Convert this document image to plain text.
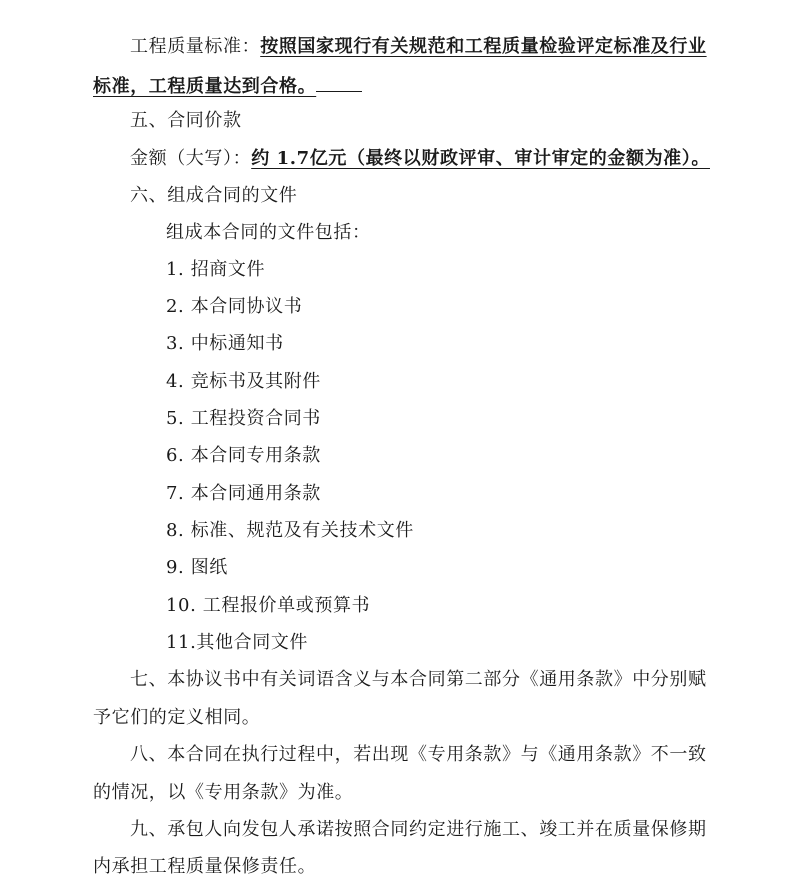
工程质量标准：按照国家现行有关规范和工程质量检验评定标准及行业
标准，工程质量达到合格。
五、合同价款
金额（大写）：约 1.7亿元（最终以财政评审、审计审定的金额为准）。
六、组成合同的文件
组成本合同的文件包括：
1. 招商文件
2. 本合同协议书
3. 中标通知书
4. 竞标书及其附件
5. 工程投资合同书
6. 本合同专用条款
7. 本合同通用条款
8. 标准、规范及有关技术文件
9. 图纸
10. 工程报价单或预算书
11.其他合同文件
七、本协议书中有关词语含义与本合同第二部分《通用条款》中分别赋
予它们的定义相同。
八、本合同在执行过程中，若出现《专用条款》与《通用条款》不一致
的情况，以《专用条款》为准。
九、承包人向发包人承诺按照合同约定进行施工、竣工并在质量保修期
内承担工程质量保修责任。
